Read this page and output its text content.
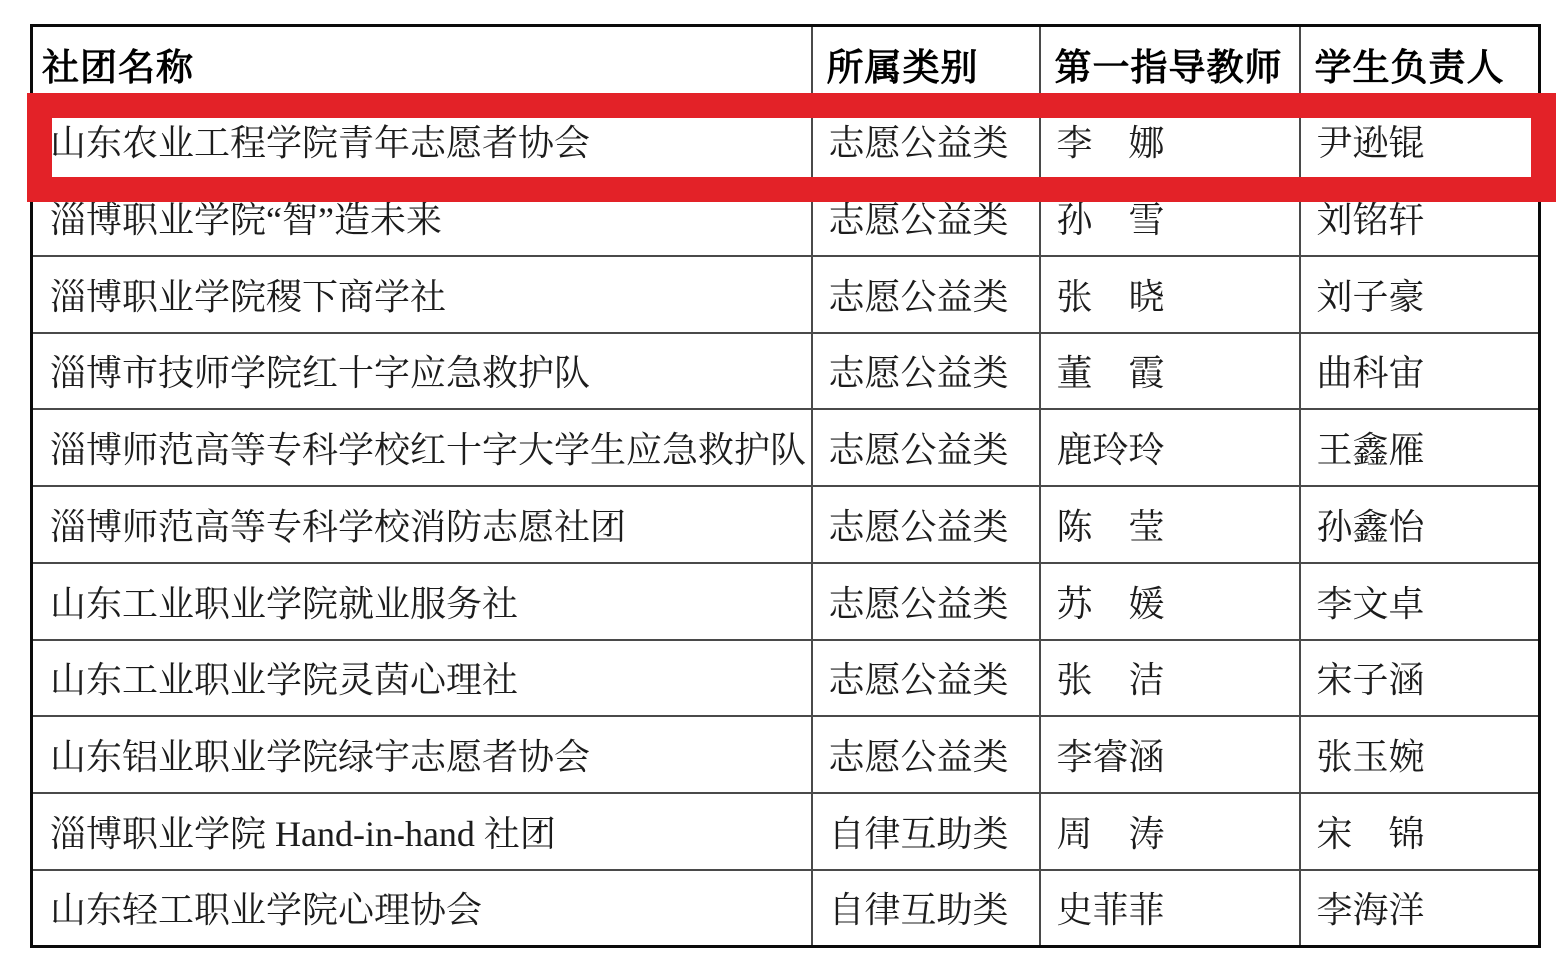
社团名称	所属类别	第一指导教师	学生负责人
山东农业工程学院青年志愿者协会	志愿公益类	李　娜	尹逊锟
淄博职业学院“智”造未来	志愿公益类	孙　雪	刘铭轩
淄博职业学院稷下商学社	志愿公益类	张　晓	刘子豪
淄博市技师学院红十字应急救护队	志愿公益类	董　霞	曲科宙
淄博师范高等专科学校红十字大学生应急救护队	志愿公益类	鹿玲玲	王鑫雁
淄博师范高等专科学校消防志愿社团	志愿公益类	陈　莹	孙鑫怡
山东工业职业学院就业服务社	志愿公益类	苏　媛	李文卓
山东工业职业学院灵茵心理社	志愿公益类	张　洁	宋子涵
山东铝业职业学院绿宇志愿者协会	志愿公益类	李睿涵	张玉婉
淄博职业学院 Hand-in-hand 社团	自律互助类	周　涛	宋　锦
山东轻工职业学院心理协会	自律互助类	史菲菲	李海洋
